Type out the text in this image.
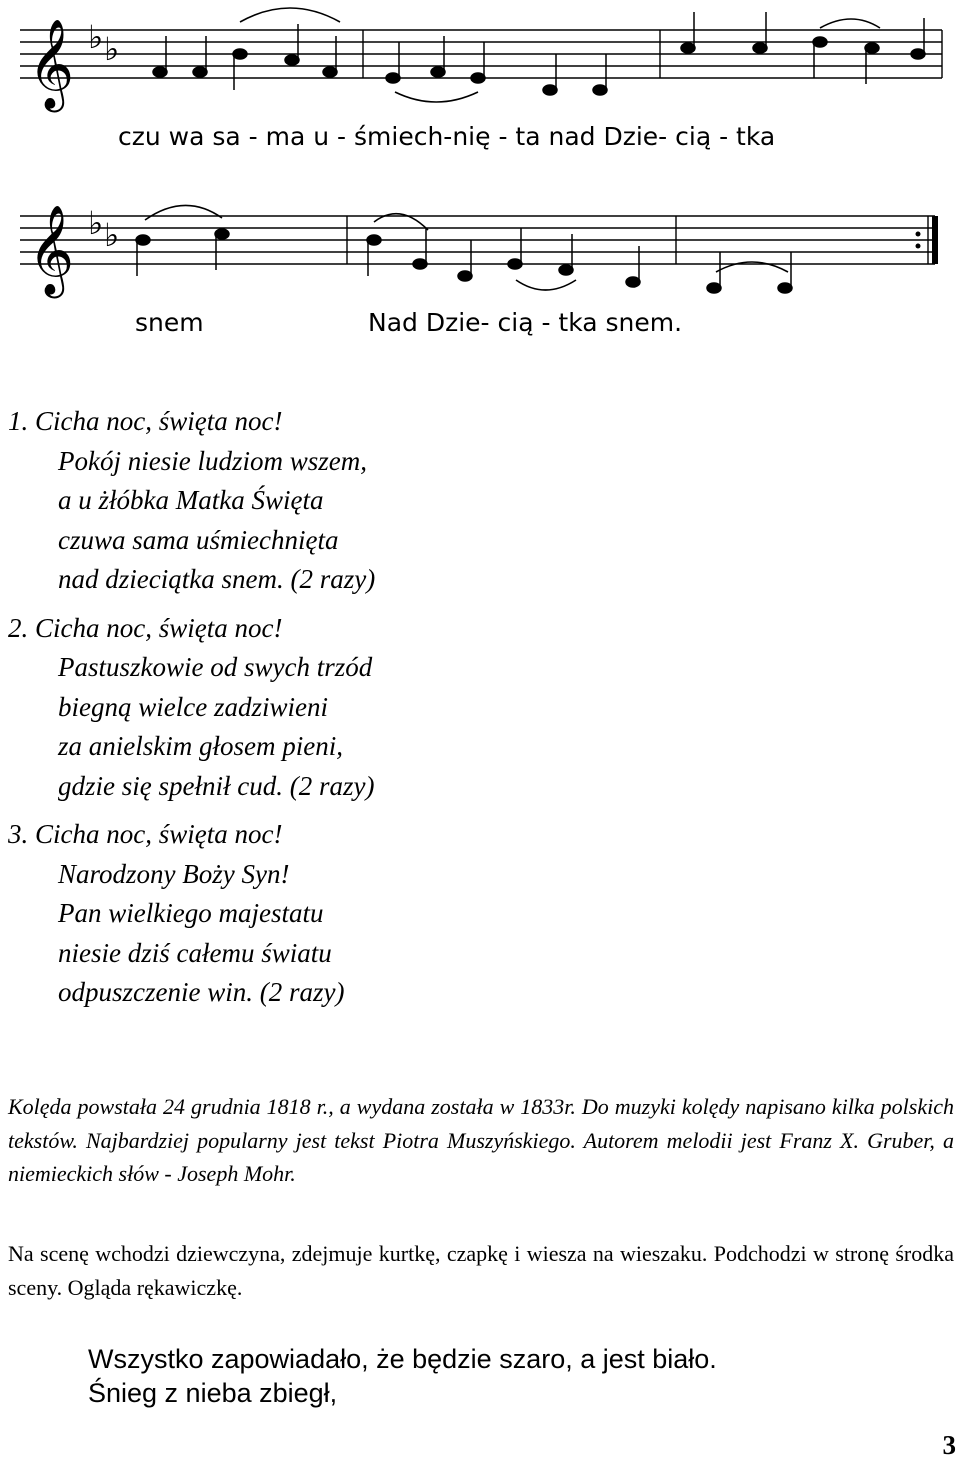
𝄞 ♭ ♭
czu wa sa - ma u - śmiech-nię - ta nad Dzie- cią - tka
𝄞 ♭ ♭
snem	Nad Dzie- cią - tka snem.
1. Cicha noc, święta noc!
Pokój niesie ludziom wszem,
a u żłóbka Matka Święta
czuwa sama uśmiechnięta
nad dzieciątka snem. (2 razy)
2. Cicha noc, święta noc!
Pastuszkowie od swych trzód
biegną wielce zadziwieni
za anielskim głosem pieni,
gdzie się spełnił cud. (2 razy)
3. Cicha noc, święta noc!
Narodzony Boży Syn!
Pan wielkiego majestatu
niesie dziś całemu światu
odpuszczenie win. (2 razy)
Kolęda powstała 24 grudnia 1818 r., a wydana została w 1833r. Do muzyki kolędy napisano kilka polskich tekstów. Najbardziej popularny jest tekst Piotra Muszyńskiego. Autorem melodii jest Franz X. Gruber, a niemieckich słów - Joseph Mohr.
Na scenę wchodzi dziewczyna, zdejmuje kurtkę, czapkę i wiesza na wieszaku. Podchodzi w stronę środka sceny. Ogląda rękawiczkę.
Wszystko zapowiadało, że będzie szaro, a jest biało.
Śnieg z nieba zbiegł,
3
